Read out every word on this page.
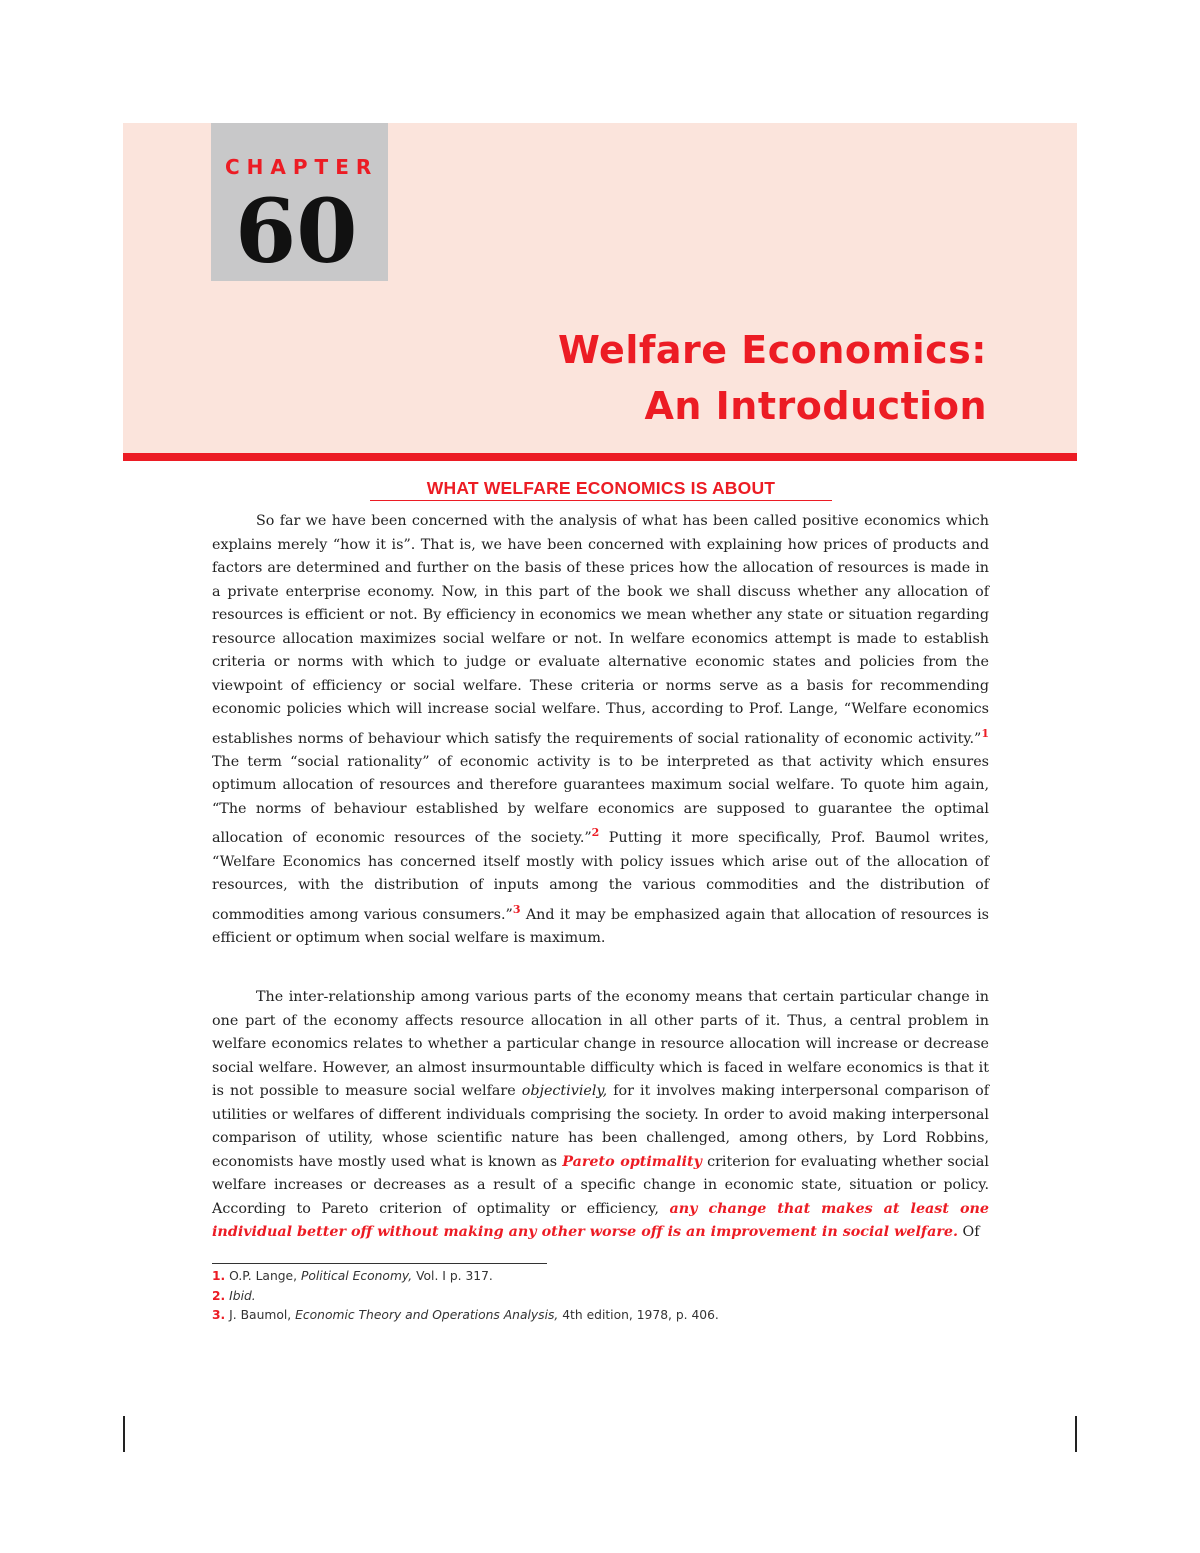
CHAPTER
60
Welfare Economics:
An Introduction
WHAT WELFARE ECONOMICS IS ABOUT

So far we have been concerned with the analysis of what has been called positive economics which explains merely “how it is”. That is, we have been concerned with explaining how prices of products and factors are determined and further on the basis of these prices how the allocation of resources is made in a private enterprise economy. Now, in this part of the book we shall discuss whether any allocation of resources is efficient or not. By efficiency in economics we mean whether any state or situation regarding resource allocation maximizes social welfare or not. In welfare economics attempt is made to establish criteria or norms with which to judge or evaluate alternative economic states and policies from the viewpoint of efficiency or social welfare. These criteria or norms serve as a basis for recommending economic policies which will increase social welfare. Thus, according to Prof. Lange, “Welfare economics establishes norms of behaviour which satisfy the requirements of social rationality of economic activity.”$^1$ The term “social rationality” of economic activity is to be interpreted as that activity which ensures optimum allocation of resources and therefore guarantees maximum social welfare. To quote him again, “The norms of behaviour established by welfare economics are supposed to guarantee the optimal allocation of economic resources of the society.”$^2$ Putting it more specifically, Prof. Baumol writes, “Welfare Economics has concerned itself mostly with policy issues which arise out of the allocation of resources, with the distribution of inputs among the various commodities and the distribution of commodities among various consumers.”$^3$ And it may be emphasized again that allocation of resources is efficient or optimum when social welfare is maximum.

The inter-relationship among various parts of the economy means that certain particular change in one part of the economy affects resource allocation in all other parts of it. Thus, a central problem in welfare economics relates to whether a particular change in resource allocation will increase or decrease social welfare. However, an almost insurmountable difficulty which is faced in welfare economics is that it is not possible to measure social welfare objectiviely, for it involves making interpersonal comparison of utilities or welfares of different individuals comprising the society. In order to avoid making interpersonal comparison of utility, whose scientific nature has been challenged, among others, by Lord Robbins, economists have mostly used what is known as Pareto optimality criterion for evaluating whether social welfare increases or decreases as a result of a specific change in economic state, situation or policy. According to Pareto criterion of optimality or efficiency, any change that makes at least one individual better off without making any other worse off is an improvement in social welfare. Of

1. O.P. Lange, Political Economy, Vol. I p. 317.
2. Ibid.
3. J. Baumol, Economic Theory and Operations Analysis, 4th edition, 1978, p. 406.
